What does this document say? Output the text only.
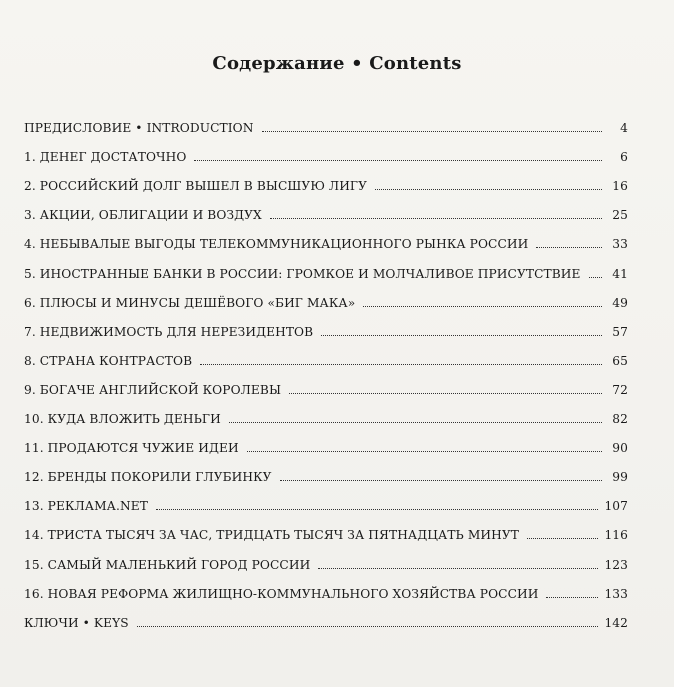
Содержание • Contents
ПРЕДИСЛОВИЕ • INTRODUCTION	4
1. ДЕНЕГ ДОСТАТОЧНО	6
2. РОССИЙСКИЙ ДОЛГ ВЫШЕЛ В ВЫСШУЮ ЛИГУ	16
3. АКЦИИ, ОБЛИГАЦИИ И ВОЗДУХ	25
4. НЕБЫВАЛЫЕ ВЫГОДЫ ТЕЛЕКОММУНИКАЦИОННОГО РЫНКА РОССИИ	33
5. ИНОСТРАННЫЕ БАНКИ В РОССИИ: ГРОМКОЕ И МОЛЧАЛИВОЕ ПРИСУТСТВИЕ	41
6. ПЛЮСЫ И МИНУСЫ ДЕШЁВОГО «БИГ МАКА»	49
7. НЕДВИЖИМОСТЬ ДЛЯ НЕРЕЗИДЕНТОВ	57
8. СТРАНА КОНТРАСТОВ	65
9. БОГАЧЕ АНГЛИЙСКОЙ КОРОЛЕВЫ	72
10. КУДА ВЛОЖИТЬ ДЕНЬГИ	82
11. ПРОДАЮТСЯ ЧУЖИЕ ИДЕИ	90
12. БРЕНДЫ ПОКОРИЛИ ГЛУБИНКУ	99
13. РЕКЛАМА.NET	107
14. ТРИСТА ТЫСЯЧ ЗА ЧАС, ТРИДЦАТЬ ТЫСЯЧ ЗА ПЯТНАДЦАТЬ МИНУТ	116
15. САМЫЙ МАЛЕНЬКИЙ ГОРОД РОССИИ	123
16. НОВАЯ РЕФОРМА ЖИЛИЩНО-КОММУНАЛЬНОГО ХОЗЯЙСТВА РОССИИ	133
КЛЮЧИ • KEYS	142
